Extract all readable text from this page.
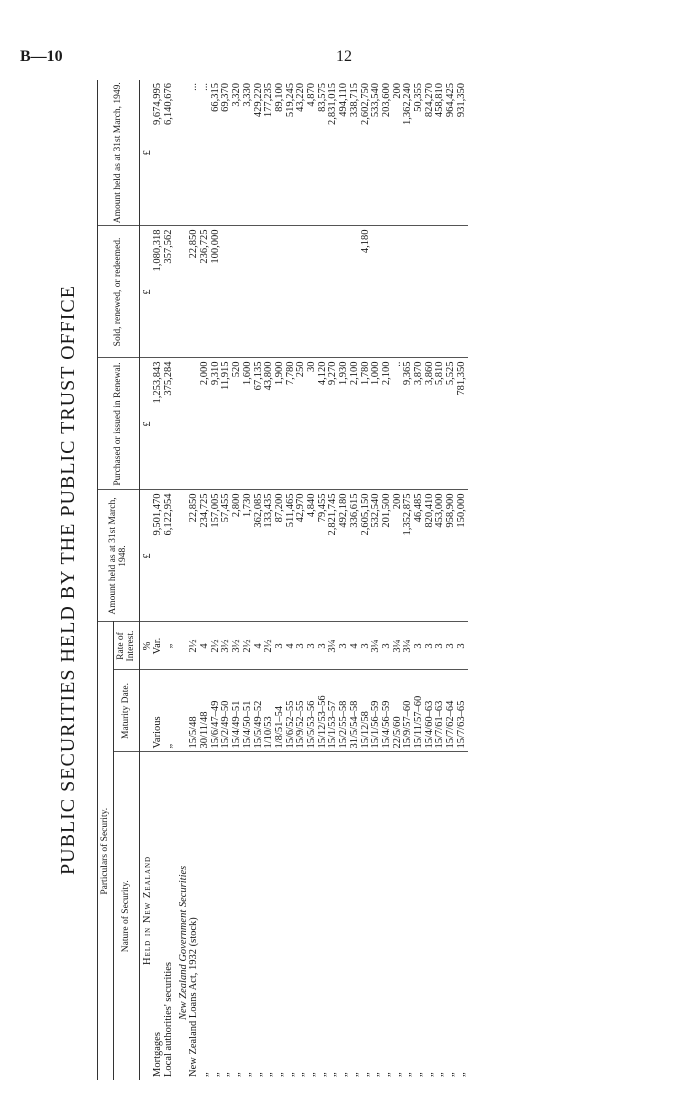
B—10	12
PUBLIC SECURITIES HELD BY THE PUBLIC TRUST OFFICE Particulars of Security.			Amount held as at 31st March, 1948.	Purchased or issued in Renewal.	Sold, renewed, or redeemed.	Amount held as at 31st March, 1949.
Nature of Security.	Maturity Date.	Rate of Interest.				
Held in New Zealand		%	£	£	£	£
Mortgages	Various	Var.	9,501,470	1,253,843	1,080,318	9,674,995
Local authorities' securities	„	„	6,122,954	375,284	357,562	6,140,676
New Zealand Government Securities						
New Zealand Loans Act, 1932 (stock)	15/5/48	2½	22,850		22,850	...
„	30/11/48	4	234,725	2,000	236,725	...
„	15/6/47–49	2½	157,005	9,310	100,000	66,315
„	15/2/49–50	3½	57,455	11,915		69,370
„	15/4/49–51	3½	2,800	520		3,320
„	15/4/50–51	2½	1,730	1,600		3,330
„	15/5/49–52	4	362,085	67,135		429,220
„	1/10/53	2½	133,435	43,800		177,235
„	1/8/51–54	3	87,200	1,900		89,100
„	15/6/52–55	4	511,465	7,780		519,245
„	15/9/52–55	3	42,970	250		43,220
„	15/5/53–56	3	4,840	30		4,870
„	15/12/53–56	3	79,455	4,120		83,575
„	15/1/53–57	3¼	2,821,745	9,270		2,831,015
„	15/2/55–58	3	492,180	1,930		494,110
„	31/5/54–58	4	336,615	2,100		338,715
„	15/12/58	3	2,605,150	1,780	4,180	2,602,750
„	15/1/56–59	3¼	532,540	1,000		533,540
„	15/4/56–59	3	201,500	2,100		203,600
„	22/5/60	3¼	200	..		200
„	15/9/57–60	3¼	1,352,875	9,365		1,362,240
„	15/11/57–60	3	46,485	3,870		50,355
„	15/4/60–63	3	820,410	3,860		824,270
„	15/7/61–63	3	453,000	5,810		458,810
„	15/7/62–64	3	958,900	5,525		964,425
„	15/7/63–65	3	150,000	781,350		931,350
